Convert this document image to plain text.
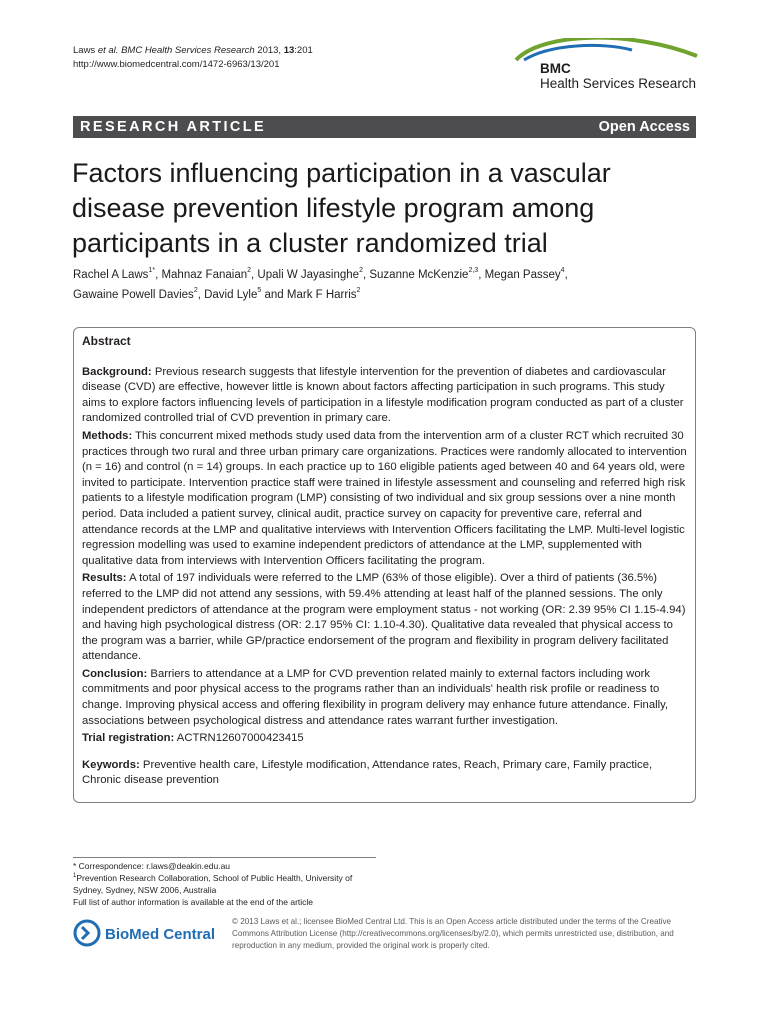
Laws et al. BMC Health Services Research 2013, 13:201
http://www.biomedcentral.com/1472-6963/13/201	BMC
Health Services Research
RESEARCH ARTICLE	Open Access
Factors influencing participation in a vascular disease prevention lifestyle program among participants in a cluster randomized trial
Rachel A Laws$^{1*}$, Mahnaz Fanaian$^2$, Upali W Jayasinghe$^2$, Suzanne McKenzie$^{2,3}$, Megan Passey$^4$,
Gawaine Powell Davies$^2$, David Lyle$^5$ and Mark F Harris$^2$
Abstract

Background: Previous research suggests that lifestyle intervention for the prevention of diabetes and cardiovascular disease (CVD) are effective, however little is known about factors affecting participation in such programs. This study aims to explore factors influencing levels of participation in a lifestyle modification program conducted as part of a cluster randomized controlled trial of CVD prevention in primary care.

Methods: This concurrent mixed methods study used data from the intervention arm of a cluster RCT which recruited 30 practices through two rural and three urban primary care organizations. Practices were randomly allocated to intervention (n = 16) and control (n = 14) groups. In each practice up to 160 eligible patients aged between 40 and 64 years old, were invited to participate. Intervention practice staff were trained in lifestyle assessment and counseling and referred high risk patients to a lifestyle modification program (LMP) consisting of two individual and six group sessions over a nine month period. Data included a patient survey, clinical audit, practice survey on capacity for preventive care, referral and attendance records at the LMP and qualitative interviews with Intervention Officers facilitating the LMP. Multi-level logistic regression modelling was used to examine independent predictors of attendance at the LMP, supplemented with qualitative data from interviews with Intervention Officers facilitating the program.

Results: A total of 197 individuals were referred to the LMP (63% of those eligible). Over a third of patients (36.5%) referred to the LMP did not attend any sessions, with 59.4% attending at least half of the planned sessions. The only independent predictors of attendance at the program were employment status - not working (OR: 2.39 95% CI 1.15-4.94) and having high psychological distress (OR: 2.17 95% CI: 1.10-4.30). Qualitative data revealed that physical access to the program was a barrier, while GP/practice endorsement of the program and flexibility in program delivery facilitated attendance.

Conclusion: Barriers to attendance at a LMP for CVD prevention related mainly to external factors including work commitments and poor physical access to the programs rather than an individuals' health risk profile or readiness to change. Improving physical access and offering flexibility in program delivery may enhance future attendance. Finally, associations between psychological distress and attendance rates warrant further investigation.

Trial registration: ACTRN12607000423415

Keywords: Preventive health care, Lifestyle modification, Attendance rates, Reach, Primary care, Family practice, Chronic disease prevention

* Correspondence: r.laws@deakin.edu.au
$^1$Prevention Research Collaboration, School of Public Health, University of Sydney, Sydney, NSW 2006, Australia
Full list of author information is available at the end of the article
BioMed Central
© 2013 Laws et al.; licensee BioMed Central Ltd. This is an Open Access article distributed under the terms of the Creative Commons Attribution License (http://creativecommons.org/licenses/by/2.0), which permits unrestricted use, distribution, and reproduction in any medium, provided the original work is properly cited.
